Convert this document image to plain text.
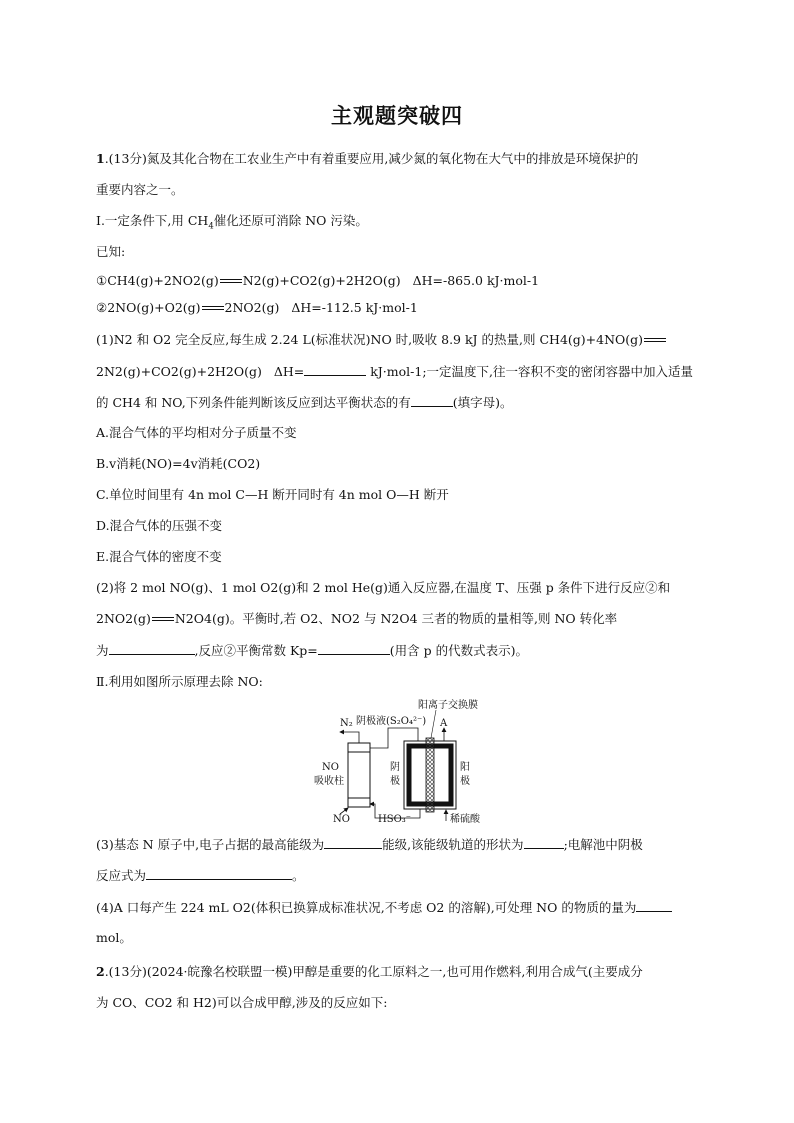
主观题突破四
1.(13分)氮及其化合物在工农业生产中有着重要应用,减少氮的氧化物在大气中的排放是环境保护的
重要内容之一。
Ⅰ.一定条件下,用 $CH_4$催化还原可消除 NO 污染。
已知:
①CH4(g)+2NO2(g) N2(g)+CO2(g)+2H2O(g) ΔH=-865.0 kJ·mol-1
②2NO(g)+O2(g) 2NO2(g) ΔH=-112.5 kJ·mol-1
(1)N2 和 O2 完全反应,每生成 2.24 L(标准状况)NO 时,吸收 8.9 kJ 的热量,则 CH4(g)+4NO(g)
2N2(g)+CO2(g)+2H2O(g) ΔH=	kJ·mol-1;一定温度下,往一容积不变的密闭容器中加入适量
的 CH4 和 NO,下列条件能判断该反应到达平衡状态的有	(填字母)。
A.混合气体的平均相对分子质量不变
B.v消耗(NO)=4v消耗(CO2)
C.单位时间里有 4n mol C—H 断开同时有 4n mol O—H 断开
D.混合气体的压强不变
E.混合气体的密度不变
(2)将 2 mol NO(g)、1 mol O2(g)和 2 mol He(g)通入反应器,在温度 T、压强 p 条件下进行反应②和
2NO2(g) N2O4(g)。平衡时,若 O2、NO2 与 N2O4 三者的物质的量相等,则 NO 转化率
为	,反应②平衡常数 Kp=	(用含 p 的代数式表示)。
Ⅱ.利用如图所示原理去除 NO:
阳离子交换膜
阴极液(S₂O₄²⁻)
N₂	A
NO
吸收柱
阴
极
阳
极
NO	HSO₃⁻	稀硫酸
(3)基态 N 原子中,电子占据的最高能级为	能级,该能级轨道的形状为	;电解池中阴极
反应式为	。
(4)A 口每产生 224 mL O2(体积已换算成标准状况,不考虑 O2 的溶解),可处理 NO 的物质的量为
mol。
2.(13分)(2024·皖豫名校联盟一模)甲醇是重要的化工原料之一,也可用作燃料,利用合成气(主要成分
为 CO、CO2 和 H2)可以合成甲醇,涉及的反应如下:
